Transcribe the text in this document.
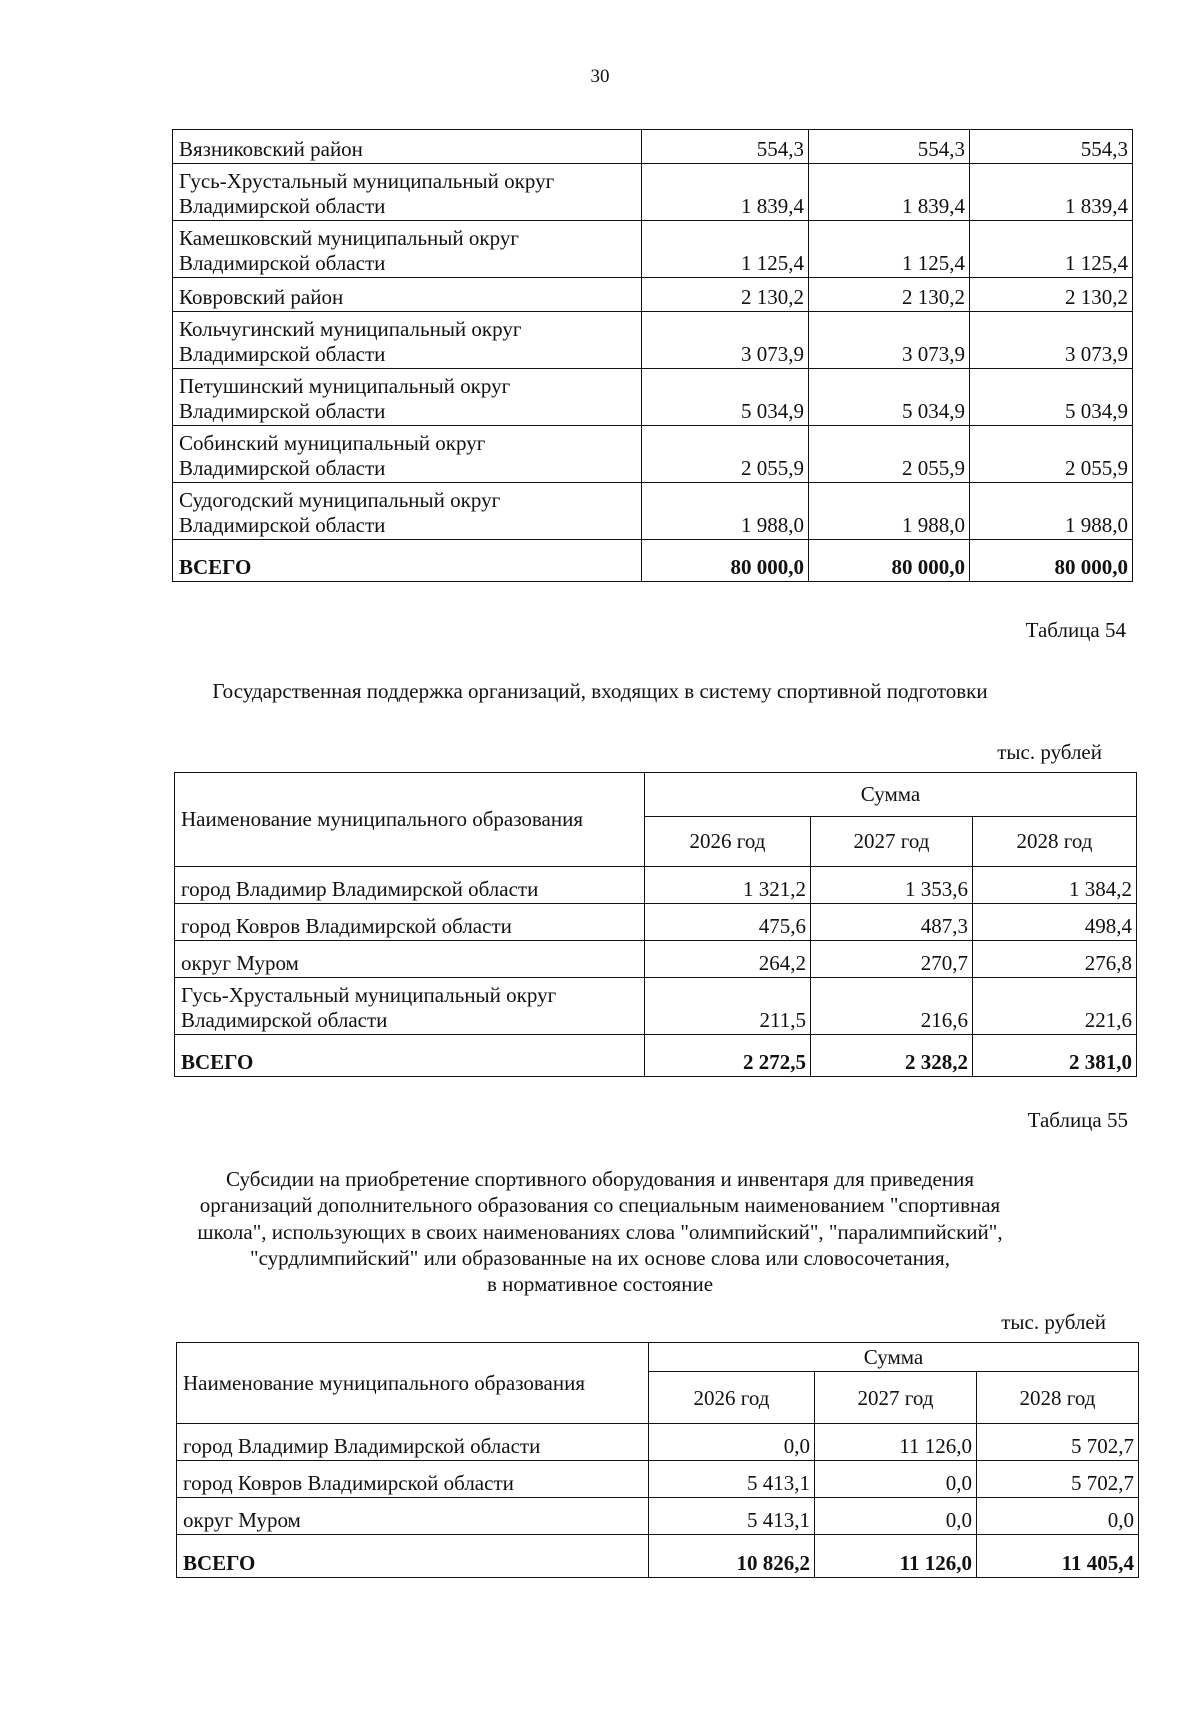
30
Вязниковский район	554,3	554,3	554,3
Гусь-Хрустальный муниципальный округ
Владимирской области	1 839,4	1 839,4	1 839,4
Камешковский муниципальный округ
Владимирской области	1 125,4	1 125,4	1 125,4
Ковровский район	2 130,2	2 130,2	2 130,2
Кольчугинский муниципальный округ
Владимирской области	3 073,9	3 073,9	3 073,9
Петушинский муниципальный округ
Владимирской области	5 034,9	5 034,9	5 034,9
Собинский муниципальный округ
Владимирской области	2 055,9	2 055,9	2 055,9
Судогодский муниципальный округ
Владимирской области	1 988,0	1 988,0	1 988,0
ВСЕГО	80 000,0	80 000,0	80 000,0
Таблица 54
Государственная поддержка организаций, входящих в систему спортивной подготовки
тыс. рублей
Наименование муниципального образования	Сумма		
	2026 год	2027 год	2028 год
город Владимир Владимирской области	1 321,2	1 353,6	1 384,2
город Ковров Владимирской области	475,6	487,3	498,4
округ Муром	264,2	270,7	276,8
Гусь-Хрустальный муниципальный округ
Владимирской области	211,5	216,6	221,6
ВСЕГО	2 272,5	2 328,2	2 381,0
Таблица 55
Субсидии на приобретение спортивного оборудования и инвентаря для приведения
организаций дополнительного образования со специальным наименованием "спортивная
школа", использующих в своих наименованиях слова "олимпийский", "паралимпийский",
"сурдлимпийский" или образованные на их основе слова или словосочетания,
в нормативное состояние
тыс. рублей
Наименование муниципального образования	Сумма		
	2026 год	2027 год	2028 год
город Владимир Владимирской области	0,0	11 126,0	5 702,7
город Ковров Владимирской области	5 413,1	0,0	5 702,7
округ Муром	5 413,1	0,0	0,0
ВСЕГО	10 826,2	11 126,0	11 405,4
